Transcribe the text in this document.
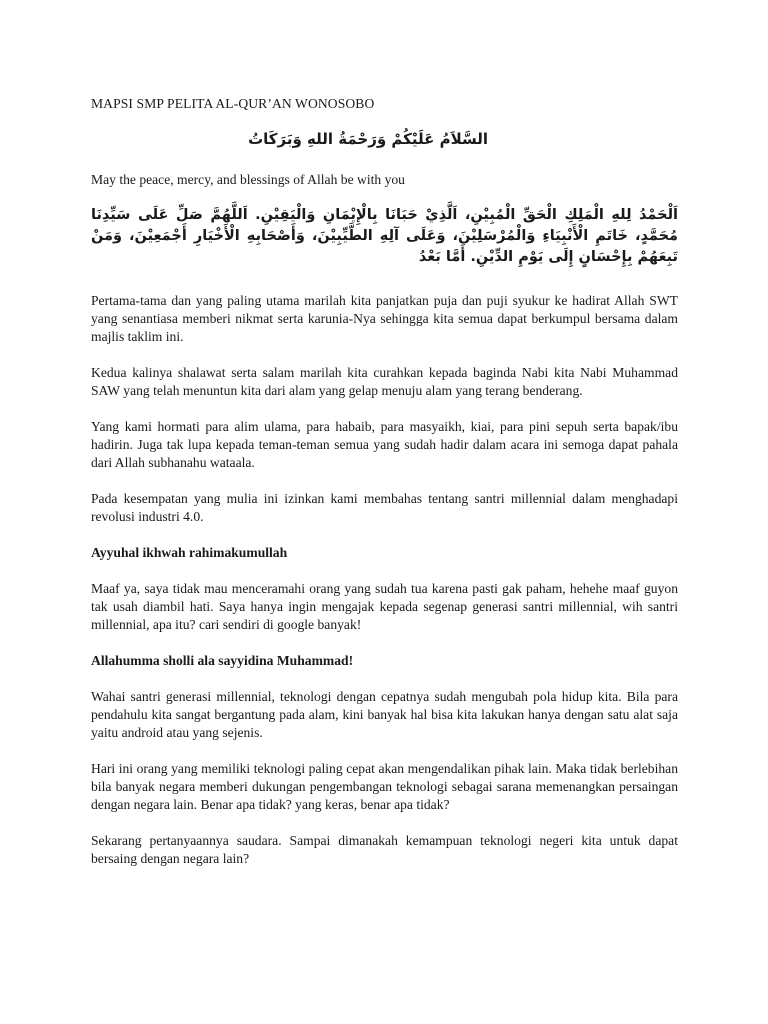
MAPSI SMP PELITA AL-QUR’AN WONOSOBO

السَّلاَمُ عَلَيْكُمْ وَرَحْمَةُ اللهِ وَبَرَكَاتُ

May the peace, mercy, and blessings of Allah be with you

اَلْحَمْدُ لِلهِ الْمَلِكِ الْحَقِّ الْمُبِيْنِ، اَلَّذِيْ حَبَانَا بِالْإِيْمَانِ وَالْيَقِيْنِ. اَللَّهُمَّ صَلِّ عَلَى سَيِّدِنَا مُحَمَّدٍ، خَاتَمِ الْأَنْبِيَاءِ وَالْمُرْسَلِيْنَ، وَعَلَى آلِهِ الطَّيِّبِيْنَ، وَأَصْحَابِهِ الْأَخْيَارِ أَجْمَعِيْنَ، وَمَنْ تَبِعَهُمْ بِإِحْسَانٍ إِلَى يَوْمِ الدِّيْنِ. أَمَّا بَعْدُ

Pertama-tama dan yang paling utama marilah kita panjatkan puja dan puji syukur ke hadirat Allah SWT yang senantiasa memberi nikmat serta karunia-Nya sehingga kita semua dapat berkumpul bersama dalam majlis taklim ini.

Kedua kalinya shalawat serta salam marilah kita curahkan kepada baginda Nabi kita Nabi Muhammad SAW yang telah menuntun kita dari alam yang gelap menuju alam yang terang benderang.

Yang kami hormati para alim ulama, para habaib, para masyaikh, kiai, para pini sepuh serta bapak/ibu hadirin. Juga tak lupa kepada teman-teman semua yang sudah hadir dalam acara ini semoga dapat pahala dari Allah subhanahu wataala.

Pada kesempatan yang mulia ini izinkan kami membahas tentang santri millennial dalam menghadapi revolusi industri 4.0.

Ayyuhal ikhwah rahimakumullah

Maaf ya, saya tidak mau menceramahi orang yang sudah tua karena pasti gak paham, hehehe maaf guyon tak usah diambil hati. Saya hanya ingin mengajak kepada segenap generasi santri millennial, wih santri millennial, apa itu? cari sendiri di google banyak!

Allahumma sholli ala sayyidina Muhammad!

Wahai santri generasi millennial, teknologi dengan cepatnya sudah mengubah pola hidup kita. Bila para pendahulu kita sangat bergantung pada alam, kini banyak hal bisa kita lakukan hanya dengan satu alat saja yaitu android atau yang sejenis.

Hari ini orang yang memiliki teknologi paling cepat akan mengendalikan pihak lain. Maka tidak berlebihan bila banyak negara memberi dukungan pengembangan teknologi sebagai sarana memenangkan persaingan dengan negara lain. Benar apa tidak? yang keras, benar apa tidak?

Sekarang pertanyaannya saudara. Sampai dimanakah kemampuan teknologi negeri kita untuk dapat bersaing dengan negara lain?
